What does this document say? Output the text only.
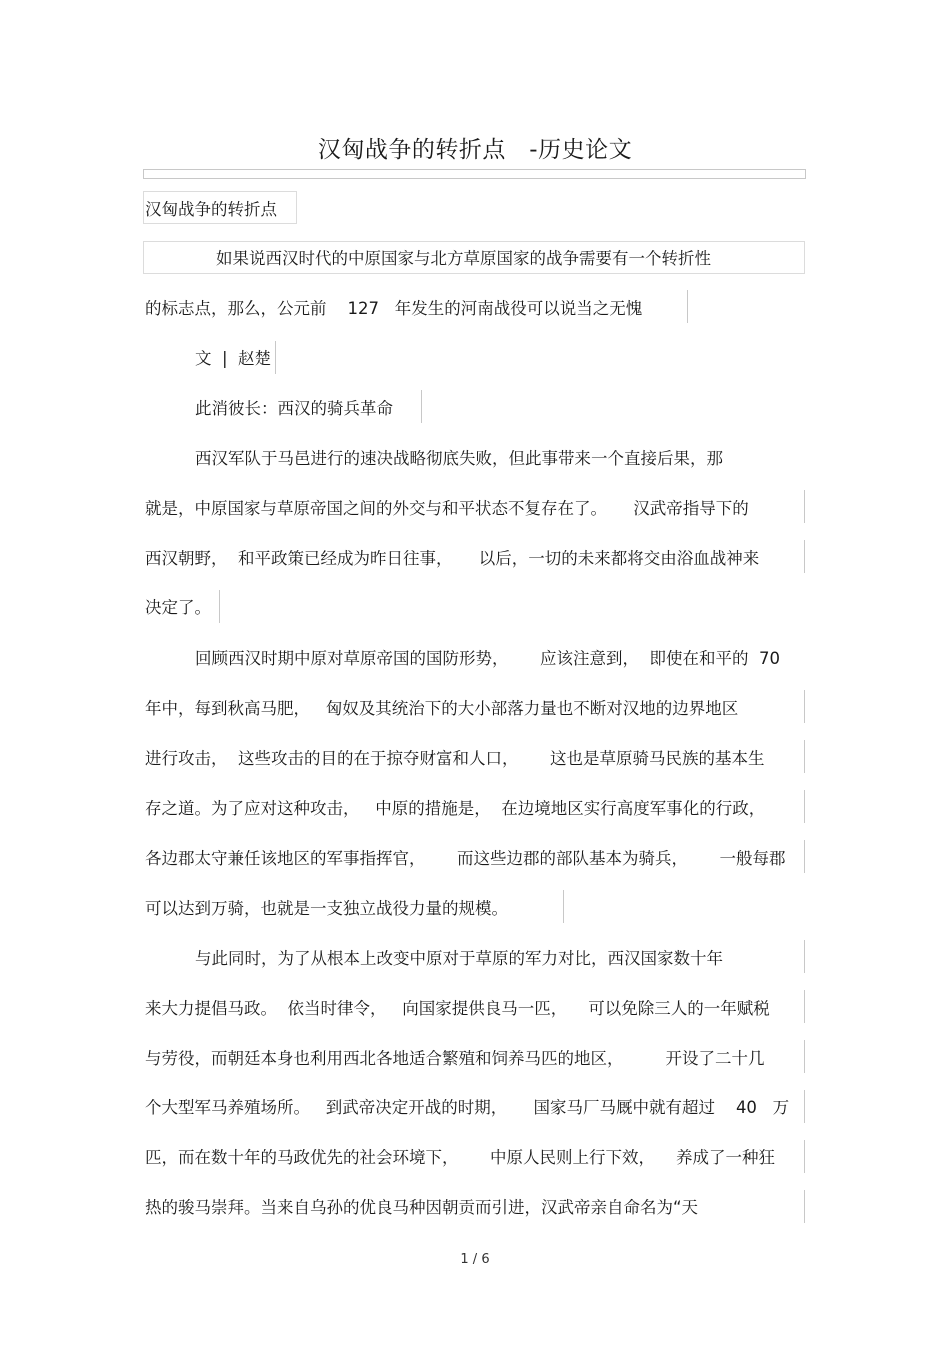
汉匈战争的转折点   -历史论文
汉匈战争的转折点
如果说西汉时代的中原国家与北方草原国家的战争需要有一个转折性
的标志点，那么，公元前    127   年发生的河南战役可以说当之无愧
文  |  赵楚
此消彼长：西汉的骑兵革命
西汉军队于马邑进行的速决战略彻底失败，但此事带来一个直接后果，那
就是，中原国家与草原帝国之间的外交与和平状态不复存在了。     汉武帝指导下的
西汉朝野，  和平政策已经成为昨日往事，     以后，一切的未来都将交由浴血战神来
决定了。
回顾西汉时期中原对草原帝国的国防形势，      应该注意到，  即使在和平的  70
年中，每到秋高马肥，   匈奴及其统治下的大小部落力量也不断对汉地的边界地区
进行攻击，  这些攻击的目的在于掠夺财富和人口，      这也是草原骑马民族的基本生
存之道。为了应对这种攻击，   中原的措施是，  在边境地区实行高度军事化的行政，
各边郡太守兼任该地区的军事指挥官，      而这些边郡的部队基本为骑兵，      一般每郡
可以达到万骑，也就是一支独立战役力量的规模。
与此同时，为了从根本上改变中原对于草原的军力对比，西汉国家数十年
来大力提倡马政。  依当时律令，   向国家提供良马一匹，    可以免除三人的一年赋税
与劳役，而朝廷本身也利用西北各地适合繁殖和饲养马匹的地区，        开设了二十几
个大型军马养殖场所。   到武帝决定开战的时期，     国家马厂马厩中就有超过    40   万
匹，而在数十年的马政优先的社会环境下，      中原人民则上行下效，    养成了一种狂
热的骏马崇拜。当来自乌孙的优良马种因朝贡而引进，汉武帝亲自命名为“天
1 / 6
